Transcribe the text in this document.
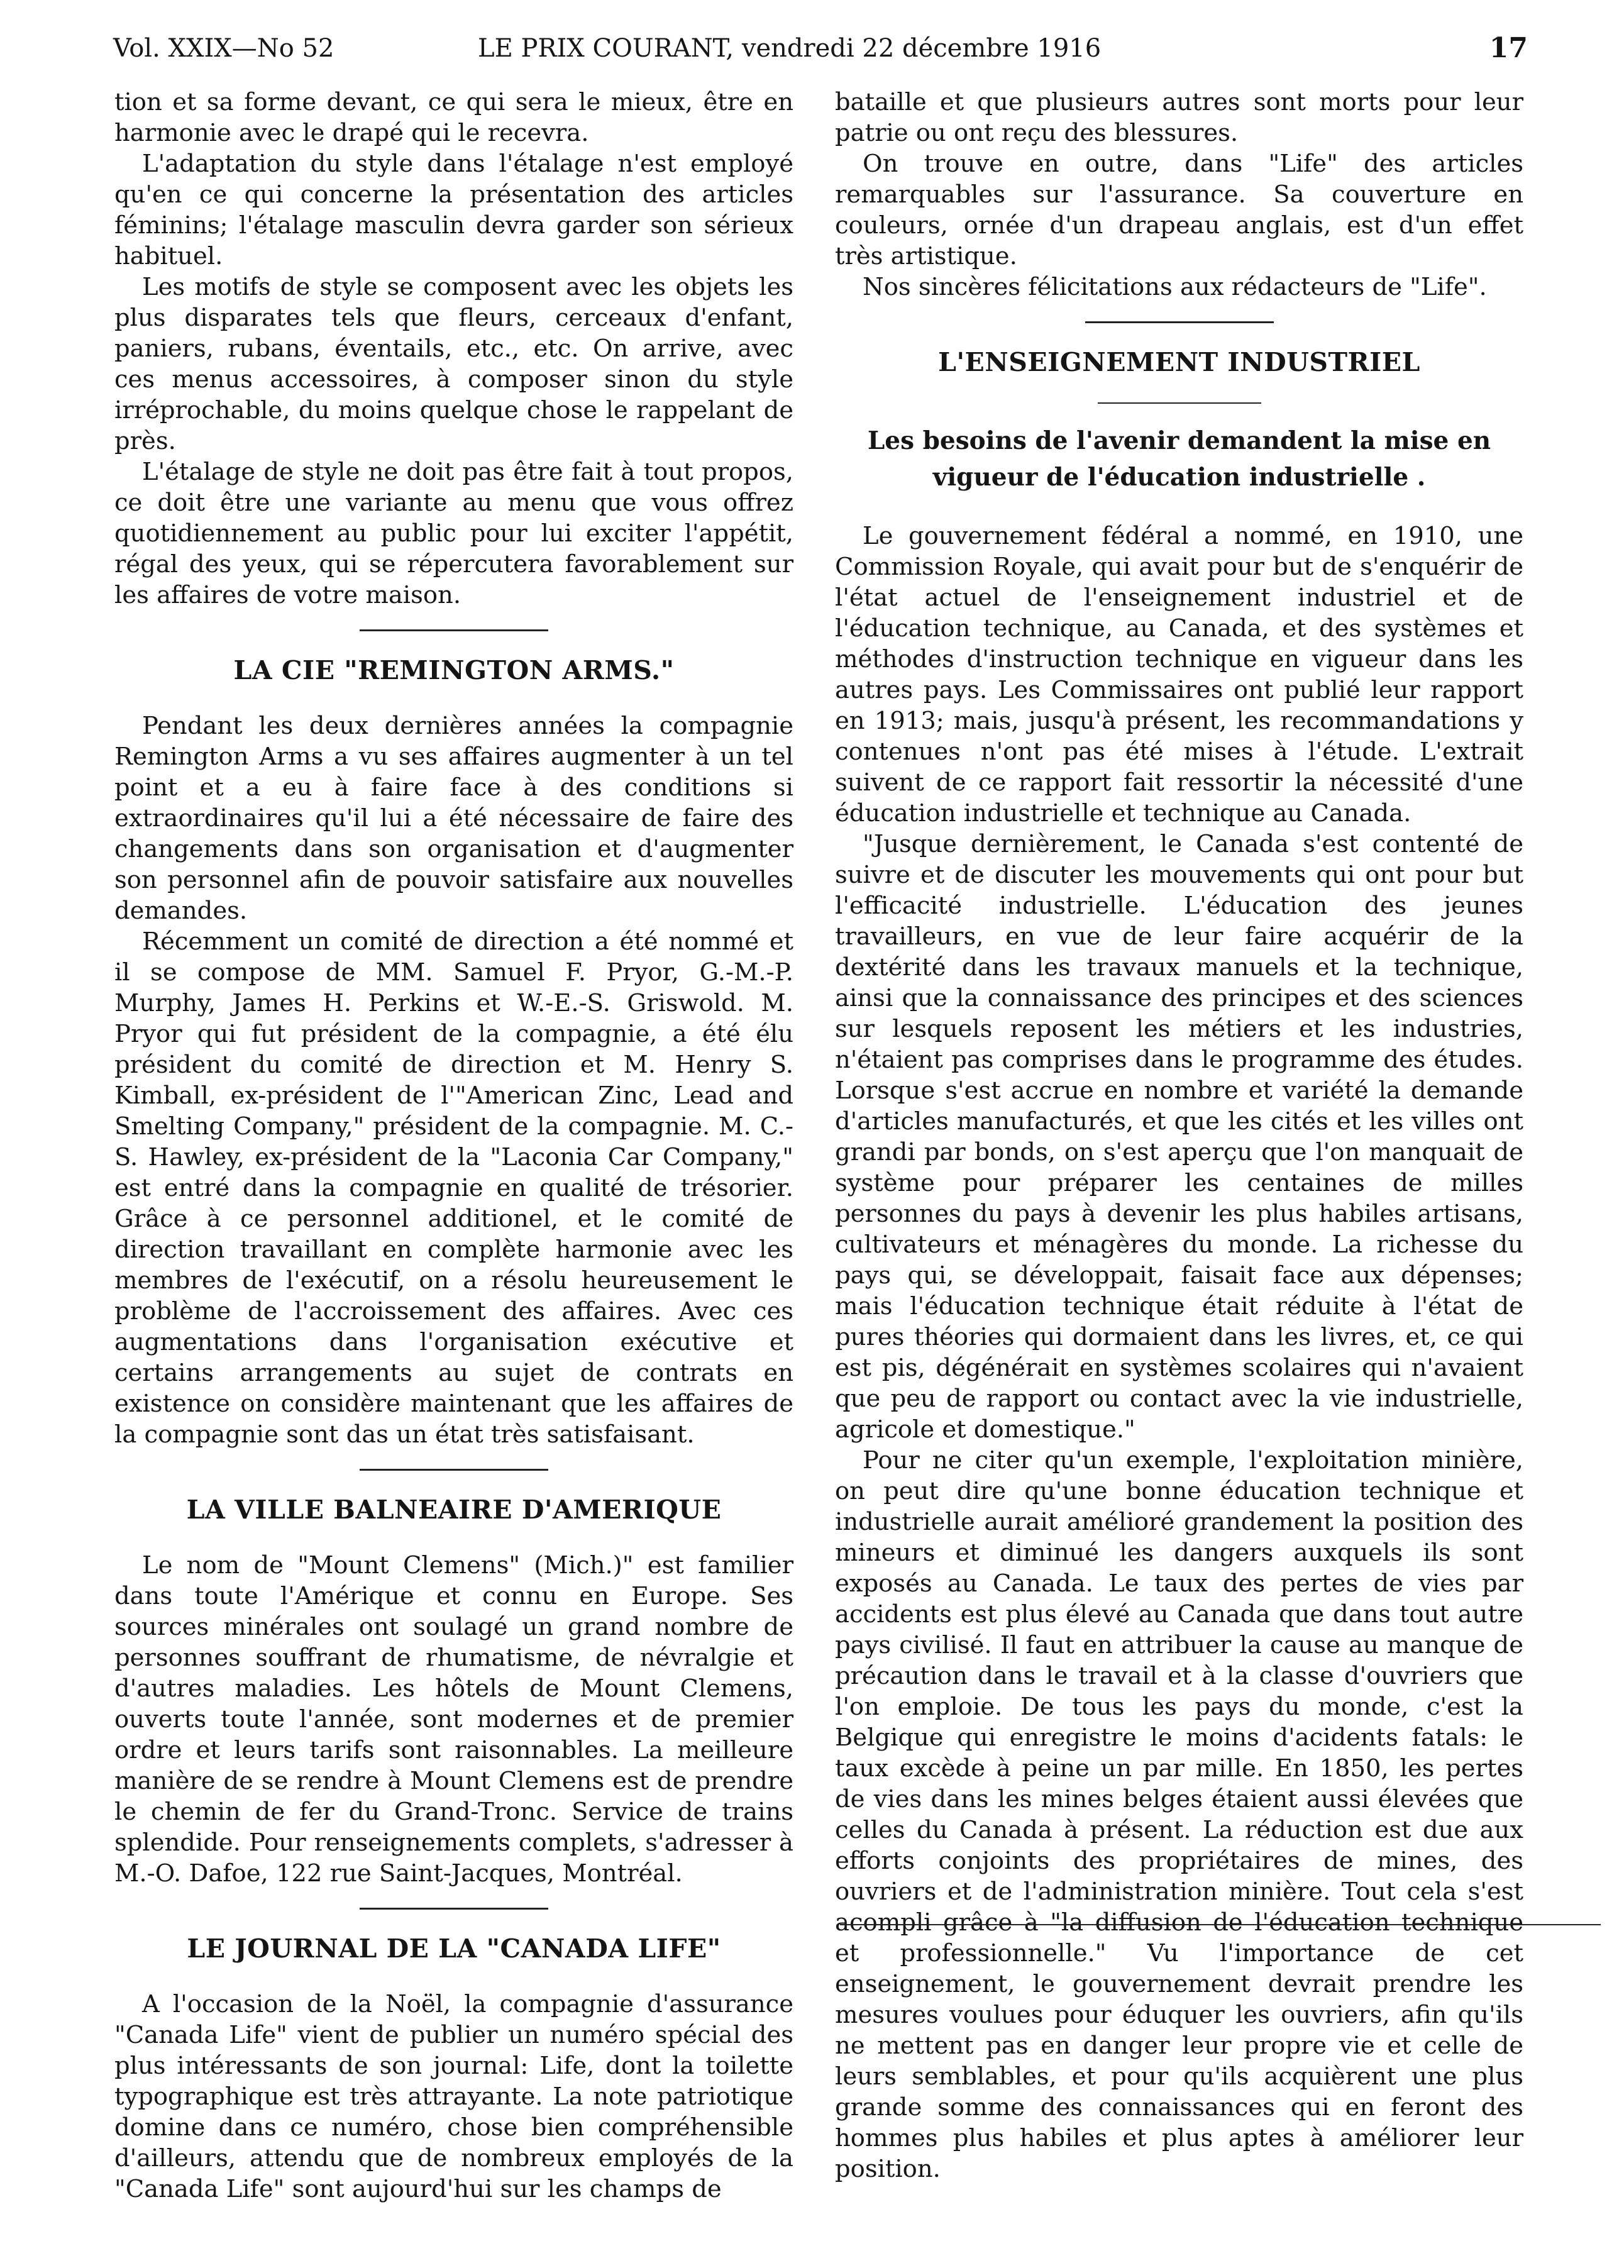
Vol. XXIX—No 52	LE PRIX COURANT, vendredi 22 décembre 1916	17

tion et sa forme devant, ce qui sera le mieux, être en harmonie avec le drapé qui le recevra.

L'adaptation du style dans l'étalage n'est employé qu'en ce qui concerne la présentation des articles féminins; l'étalage masculin devra garder son sérieux habituel.

Les motifs de style se composent avec les objets les plus disparates tels que fleurs, cerceaux d'enfant, paniers, rubans, éventails, etc., etc. On arrive, avec ces menus accessoires, à composer sinon du style irréprochable, du moins quelque chose le rappelant de près.

L'étalage de style ne doit pas être fait à tout propos, ce doit être une variante au menu que vous offrez quotidiennement au public pour lui exciter l'appétit, régal des yeux, qui se répercutera favorablement sur les affaires de votre maison.

LA CIE "REMINGTON ARMS."

Pendant les deux dernières années la compagnie Remington Arms a vu ses affaires augmenter à un tel point et a eu à faire face à des conditions si extraordinaires qu'il lui a été nécessaire de faire des changements dans son organisation et d'augmenter son personnel afin de pouvoir satisfaire aux nouvelles demandes.

Récemment un comité de direction a été nommé et il se compose de MM. Samuel F. Pryor, G.-M.-P. Murphy, James H. Perkins et W.-E.-S. Griswold. M. Pryor qui fut président de la compagnie, a été élu président du comité de direction et M. Henry S. Kimball, ex-président de l'"American Zinc, Lead and Smelting Company," président de la compagnie. M. C.-S. Hawley, ex-président de la "Laconia Car Company," est entré dans la compagnie en qualité de trésorier. Grâce à ce personnel additionel, et le comité de direction travaillant en complète harmonie avec les membres de l'exécutif, on a résolu heureusement le problème de l'accroissement des affaires. Avec ces augmentations dans l'organisation exécutive et certains arrangements au sujet de contrats en existence on considère maintenant que les affaires de la compagnie sont das un état très satisfaisant.

LA VILLE BALNEAIRE D'AMERIQUE

Le nom de "Mount Clemens" (Mich.)" est familier dans toute l'Amérique et connu en Europe. Ses sources minérales ont soulagé un grand nombre de personnes souffrant de rhumatisme, de névralgie et d'autres maladies. Les hôtels de Mount Clemens, ouverts toute l'année, sont modernes et de premier ordre et leurs tarifs sont raisonnables. La meilleure manière de se rendre à Mount Clemens est de prendre le chemin de fer du Grand-Tronc. Service de trains splendide. Pour renseignements complets, s'adresser à M.-O. Dafoe, 122 rue Saint-Jacques, Montréal.

LE JOURNAL DE LA "CANADA LIFE"

A l'occasion de la Noël, la compagnie d'assurance "Canada Life" vient de publier un numéro spécial des plus intéressants de son journal: Life, dont la toilette typographique est très attrayante. La note patriotique domine dans ce numéro, chose bien compréhensible d'ailleurs, attendu que de nombreux employés de la "Canada Life" sont aujourd'hui sur les champs de

bataille et que plusieurs autres sont morts pour leur patrie ou ont reçu des blessures.

On trouve en outre, dans "Life" des articles remarquables sur l'assurance. Sa couverture en couleurs, ornée d'un drapeau anglais, est d'un effet très artistique.

Nos sincères félicitations aux rédacteurs de "Life".

L'ENSEIGNEMENT INDUSTRIEL
Les besoins de l'avenir demandent la mise en vigueur de l'éducation industrielle .

Le gouvernement fédéral a nommé, en 1910, une Commission Royale, qui avait pour but de s'enquérir de l'état actuel de l'enseignement industriel et de l'éducation technique, au Canada, et des systèmes et méthodes d'instruction technique en vigueur dans les autres pays. Les Commissaires ont publié leur rapport en 1913; mais, jusqu'à présent, les recommandations y contenues n'ont pas été mises à l'étude. L'extrait suivent de ce rapport fait ressortir la nécessité d'une éducation industrielle et technique au Canada.

"Jusque dernièrement, le Canada s'est contenté de suivre et de discuter les mouvements qui ont pour but l'efficacité industrielle. L'éducation des jeunes travailleurs, en vue de leur faire acquérir de la dextérité dans les travaux manuels et la technique, ainsi que la connaissance des principes et des sciences sur lesquels reposent les métiers et les industries, n'étaient pas comprises dans le programme des études. Lorsque s'est accrue en nombre et variété la demande d'articles manufacturés, et que les cités et les villes ont grandi par bonds, on s'est aperçu que l'on manquait de système pour préparer les centaines de milles personnes du pays à devenir les plus habiles artisans, cultivateurs et ménagères du monde. La richesse du pays qui, se développait, faisait face aux dépenses; mais l'éducation technique était réduite à l'état de pures théories qui dormaient dans les livres, et, ce qui est pis, dégénérait en systèmes scolaires qui n'avaient que peu de rapport ou contact avec la vie industrielle, agricole et domestique."

Pour ne citer qu'un exemple, l'exploitation minière, on peut dire qu'une bonne éducation technique et industrielle aurait amélioré grandement la position des mineurs et diminué les dangers auxquels ils sont exposés au Canada. Le taux des pertes de vies par accidents est plus élevé au Canada que dans tout autre pays civilisé. Il faut en attribuer la cause au manque de précaution dans le travail et à la classe d'ouvriers que l'on emploie. De tous les pays du monde, c'est la Belgique qui enregistre le moins d'acidents fatals: le taux excède à peine un par mille. En 1850, les pertes de vies dans les mines belges étaient aussi élevées que celles du Canada à présent. La réduction est due aux efforts conjoints des propriétaires de mines, des ouvriers et de l'administration minière. Tout cela s'est acompli grâce à "la diffusion de l'éducation technique et professionnelle." Vu l'importance de cet enseignement, le gouvernement devrait prendre les mesures voulues pour éduquer les ouvriers, afin qu'ils ne mettent pas en danger leur propre vie et celle de leurs semblables, et pour qu'ils acquièrent une plus grande somme des connaissances qui en feront des hommes plus habiles et plus aptes à améliorer leur position.
